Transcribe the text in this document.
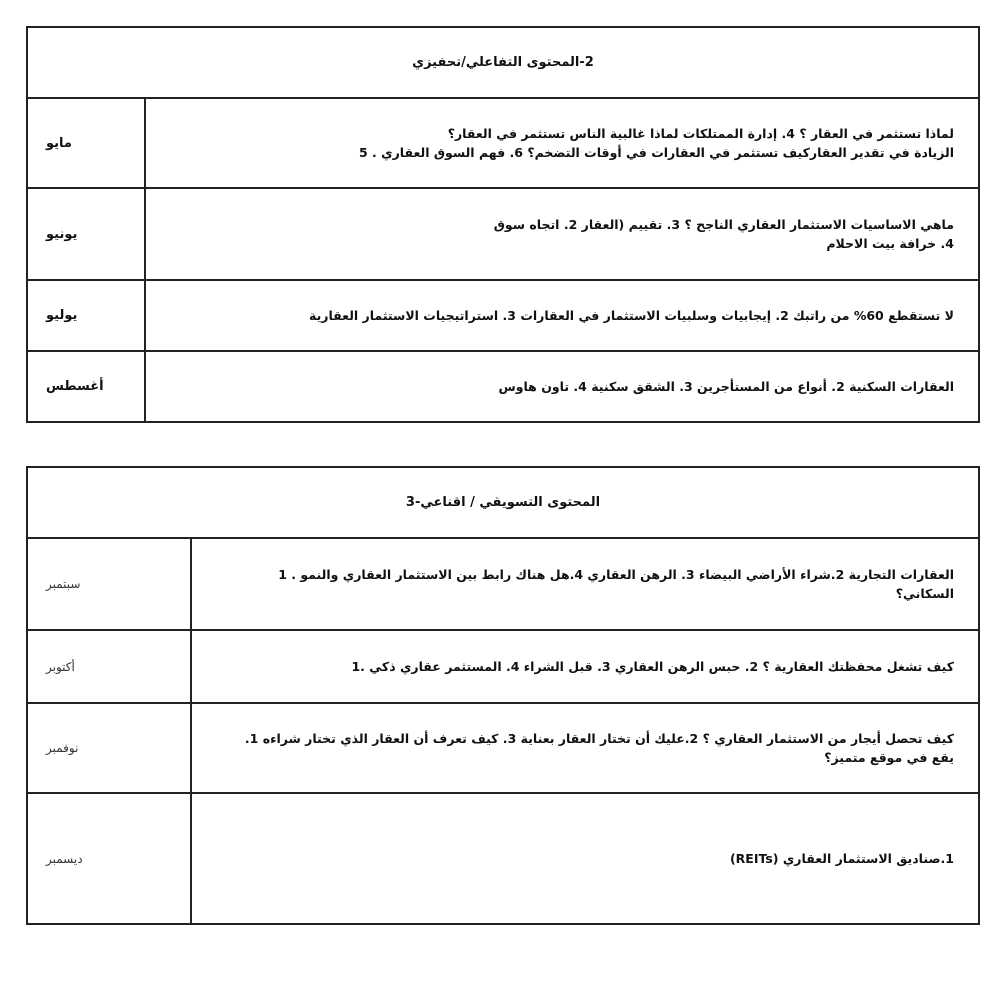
2-المحتوى التفاعلي/تحفيزي	
مايو	لماذا تستثمر في العقار ؟ 4. إدارة الممتلكات لماذا غالبية الناس تستثمر في العقار؟
الزيادة في تقدير العقاركيف تستثمر في العقارات في أوقات التضخم؟ 6. فهم السوق العقاري . 5

يونيو	ماهي الاساسيات الاستثمار العقاري الناجح ؟ 3. تقييم (العقار 2. اتجاه سوق
4. خرافة بيت الاحلام

يوليو	لا تستقطع 60% من راتبك 2. إيجابيات وسلبيات الاستثمار في العقارات 3. استراتيجيات الاستثمار العقارية

أغسطس	العقارات السكنية 2. أنواع من المستأجرين 3. الشقق سكنية 4. تاون هاوس
المحتوى التسويقي / اقناعي-3	
سبتمبر	العقارات التجارية 2.شراء الأراضي البيضاء 3. الرهن العقاري 4.هل هناك رابط بين الاستثمار العقاري والنمو . 1
السكاني؟

أكتوبر	كيف تشغل محفظتك العقارية ؟ 2. حبس الرهن العقاري 3. قبل الشراء 4. المستثمر عقاري ذكي .1

نوفمبر	كيف تحصل أيجار من الاستثمار العقاري ؟ 2.عليك أن تختار العقار بعناية 3. كيف تعرف أن العقار الذي تختار شراءه 1.
يقع في موقع متميز؟

ديسمبر	1.صناديق الاستثمار العقاري (REITs)
